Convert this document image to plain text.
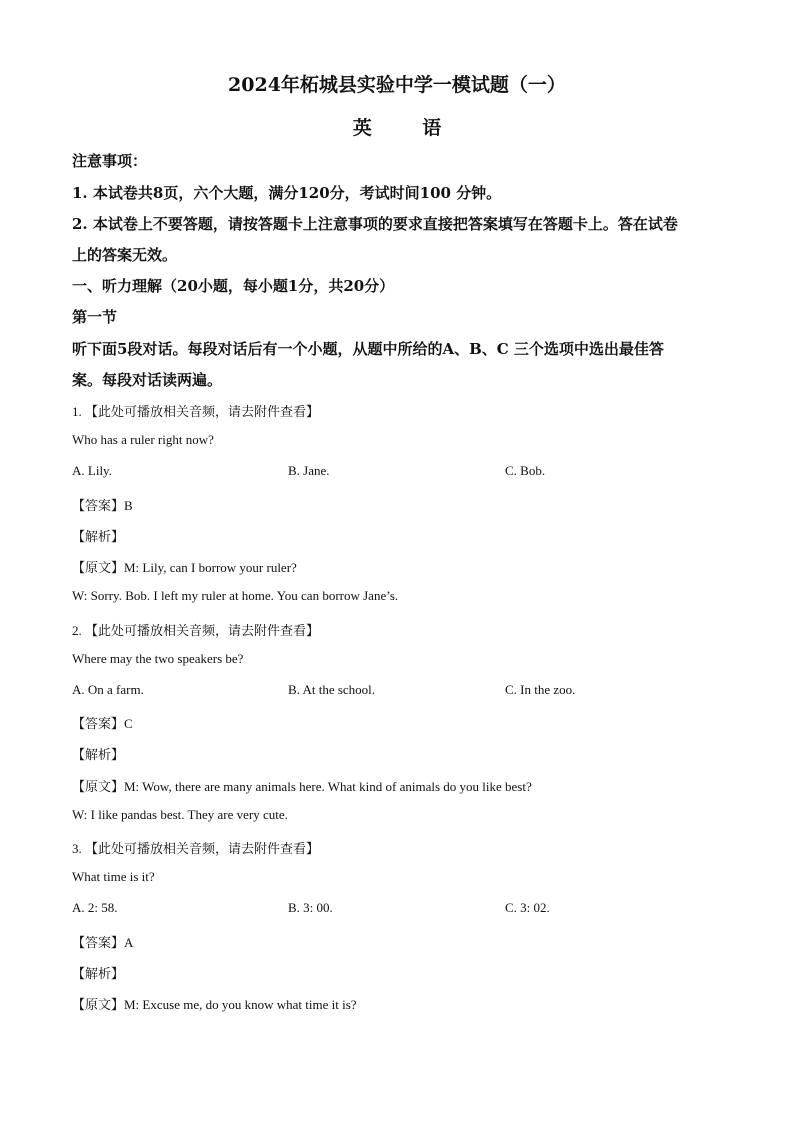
2024年柘城县实验中学一模试题（一）
英 语
注意事项：
1. 本试卷共8页，六个大题，满分120分，考试时间100 分钟。
2. 本试卷上不要答题，请按答题卡上注意事项的要求直接把答案填写在答题卡上。答在试卷
上的答案无效。
一、听力理解（20小题，每小题1分，共20分）
第一节
听下面5段对话。每段对话后有一个小题，从题中所给的A、B、C 三个选项中选出最佳答
案。每段对话读两遍。
1. 【此处可播放相关音频，请去附件查看】
Who has a ruler right now?
A. Lily.	B. Jane.	C. Bob.
【答案】B
【解析】
【原文】M: Lily, can I borrow your ruler?
W: Sorry. Bob. I left my ruler at home. You can borrow Jane’s.
2. 【此处可播放相关音频，请去附件查看】
Where may the two speakers be?
A. On a farm.	B. At the school.	C. In the zoo.
【答案】C
【解析】
【原文】M: Wow, there are many animals here. What kind of animals do you like best?
W: I like pandas best. They are very cute.
3. 【此处可播放相关音频，请去附件查看】
What time is it?
A. 2: 58.	B. 3: 00.	C. 3: 02.
【答案】A
【解析】
【原文】M: Excuse me, do you know what time it is?
